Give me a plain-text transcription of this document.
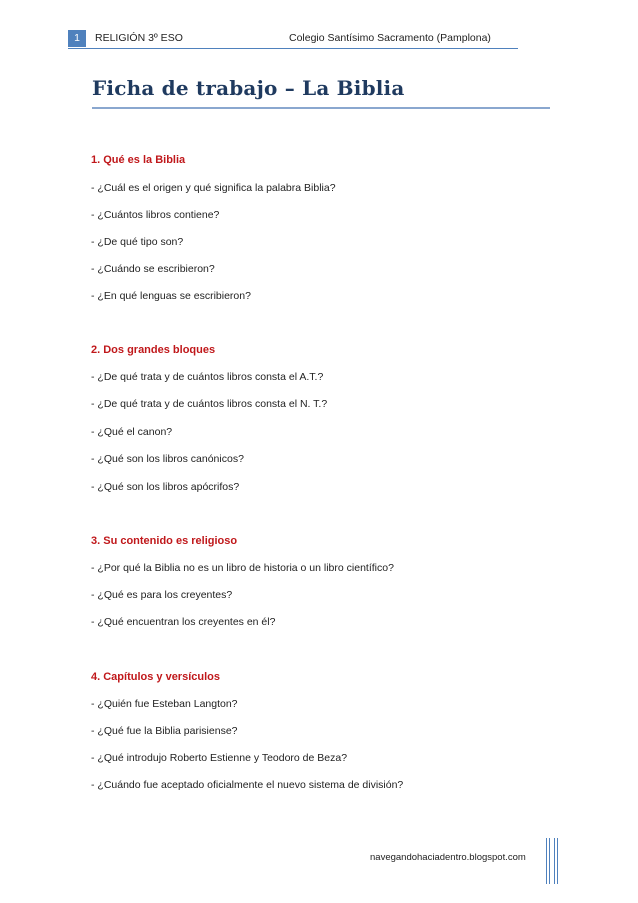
1	RELIGIÓN 3º ESO	Colegio Santísimo Sacramento (Pamplona)
Ficha de trabajo – La Biblia

1. Qué es la Biblia

- ¿Cuál es el origen y qué significa la palabra Biblia?

- ¿Cuántos libros contiene?

- ¿De qué tipo son?

- ¿Cuándo se escribieron?

- ¿En qué lenguas se escribieron?

2. Dos grandes bloques

- ¿De qué trata y de cuántos libros consta el A.T.?

- ¿De qué trata y de cuántos libros consta el N. T.?

- ¿Qué el canon?

- ¿Qué son los libros canónicos?

- ¿Qué son los libros apócrifos?

3. Su contenido es religioso

- ¿Por qué la Biblia no es un libro de historia o un libro científico?

- ¿Qué es para los creyentes?

- ¿Qué encuentran los creyentes en él?

4. Capítulos y versículos

- ¿Quién fue Esteban Langton?

- ¿Qué fue la Biblia parisiense?

- ¿Qué introdujo Roberto Estienne y Teodoro de Beza?

- ¿Cuándo fue aceptado oficialmente el nuevo sistema de división?

navegandohaciadentro.blogspot.com
